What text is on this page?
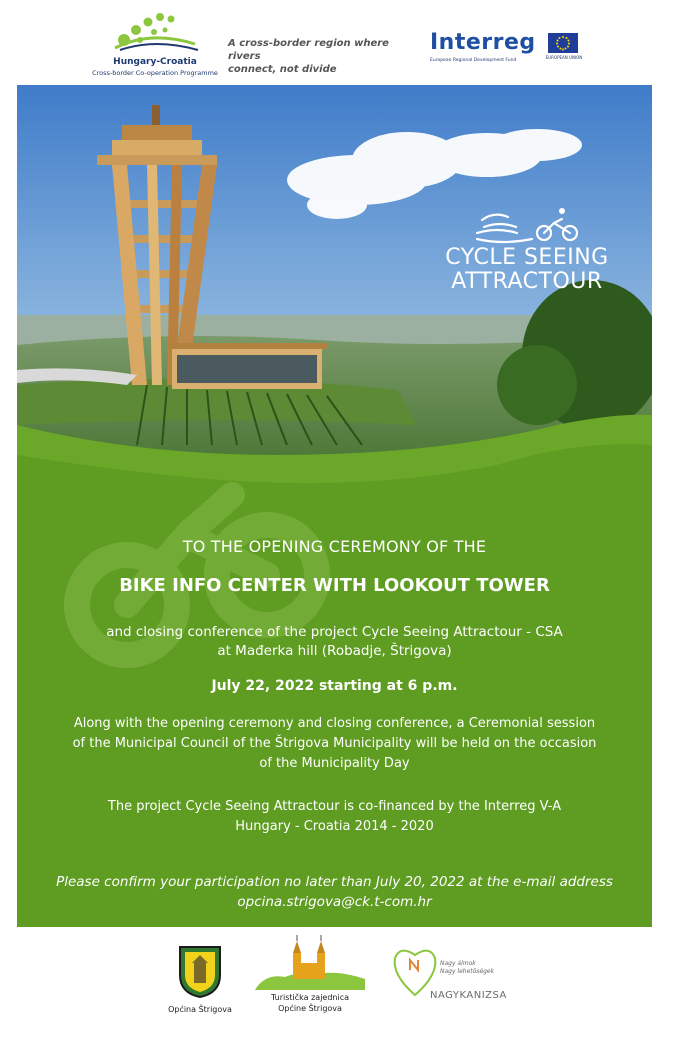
Hungary-Croatia
Cross-border Co-operation Programme
A cross-border region where rivers
connect, not divide
Interreg
European Regional Development Fund
EUROPEAN UNION
CYCLE SEEING
ATTRACTOUR
TO THE OPENING CEREMONY OF THE
BIKE INFO CENTER WITH LOOKOUT TOWER
and closing conference of the project Cycle Seeing Attractour - CSA
at Mađerka hill (Robadje, Štrigova)
July 22, 2022 starting at 6 p.m.
Along with the opening ceremony and closing conference, a Ceremonial session
of the Municipal Council of the Štrigova Municipality will be held on the occasion
of the Municipality Day
The project Cycle Seeing Attractour is co-financed by the Interreg V-A
Hungary - Croatia 2014 - 2020
Please confirm your participation no later than July 20, 2022 at the e-mail address
opcina.strigova@ck.t-com.hr
Općina Štrigova
Turistička zajednica
Općine Štrigova
Nagy álmok
Nagy lehetőségek
NAGYKANIZSA
